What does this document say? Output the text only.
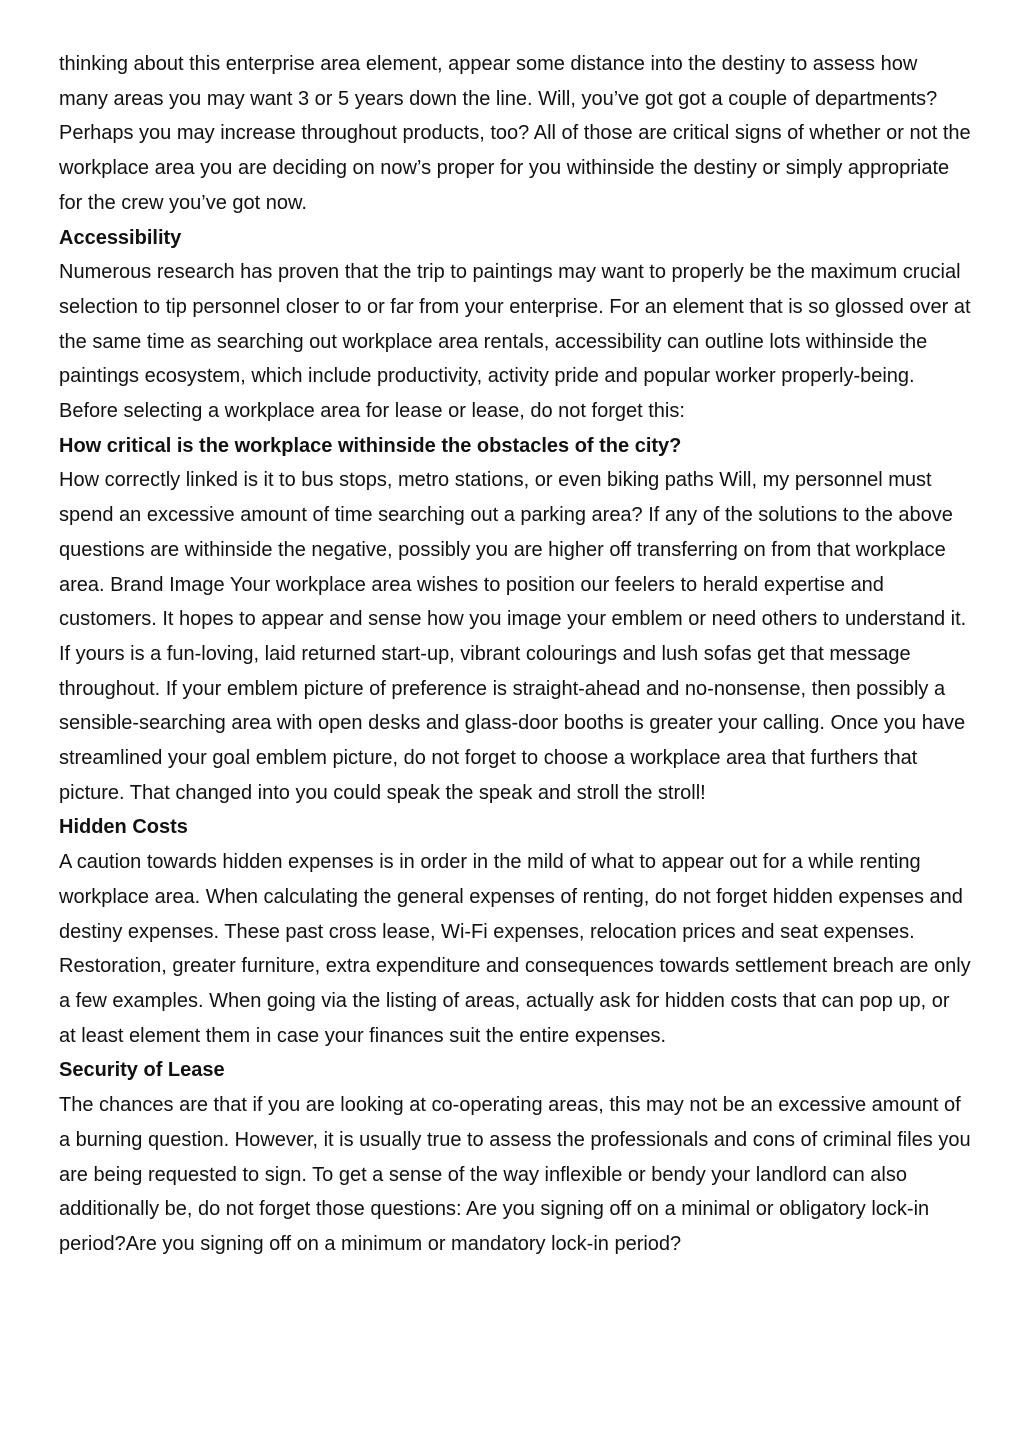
thinking about this enterprise area element, appear some distance into the destiny to assess how many areas you may want 3 or 5 years down the line. Will, you’ve got got a couple of departments? Perhaps you may increase throughout products, too? All of those are critical signs of whether or not the workplace area you are deciding on now’s proper for you withinside the destiny or simply appropriate for the crew you’ve got now.

Accessibility

Numerous research has proven that the trip to paintings may want to properly be the maximum crucial selection to tip personnel closer to or far from your enterprise. For an element that is so glossed over at the same time as searching out workplace area rentals, accessibility can outline lots withinside the paintings ecosystem, which include productivity, activity pride and popular worker properly-being. Before selecting a workplace area for lease or lease, do not forget this:

How critical is the workplace withinside the obstacles of the city?

How correctly linked is it to bus stops, metro stations, or even biking paths Will, my personnel must spend an excessive amount of time searching out a parking area? If any of the solutions to the above questions are withinside the negative, possibly you are higher off transferring on from that workplace area. Brand Image Your workplace area wishes to position our feelers to herald expertise and customers. It hopes to appear and sense how you image your emblem or need others to understand it. If yours is a fun-loving, laid returned start-up, vibrant colourings and lush sofas get that message throughout. If your emblem picture of preference is straight-ahead and no-nonsense, then possibly a sensible-searching area with open desks and glass-door booths is greater your calling. Once you have streamlined your goal emblem picture, do not forget to choose a workplace area that furthers that picture. That changed into you could speak the speak and stroll the stroll!

Hidden Costs

A caution towards hidden expenses is in order in the mild of what to appear out for a while renting workplace area. When calculating the general expenses of renting, do not forget hidden expenses and destiny expenses. These past cross lease, Wi-Fi expenses, relocation prices and seat expenses. Restoration, greater furniture, extra expenditure and consequences towards settlement breach are only a few examples. When going via the listing of areas, actually ask for hidden costs that can pop up, or at least element them in case your finances suit the entire expenses.

Security of Lease

The chances are that if you are looking at co-operating areas, this may not be an excessive amount of a burning question. However, it is usually true to assess the professionals and cons of criminal files you are being requested to sign. To get a sense of the way inflexible or bendy your landlord can also additionally be, do not forget those questions: Are you signing off on a minimal or obligatory lock-in period?Are you signing off on a minimum or mandatory lock-in period?
